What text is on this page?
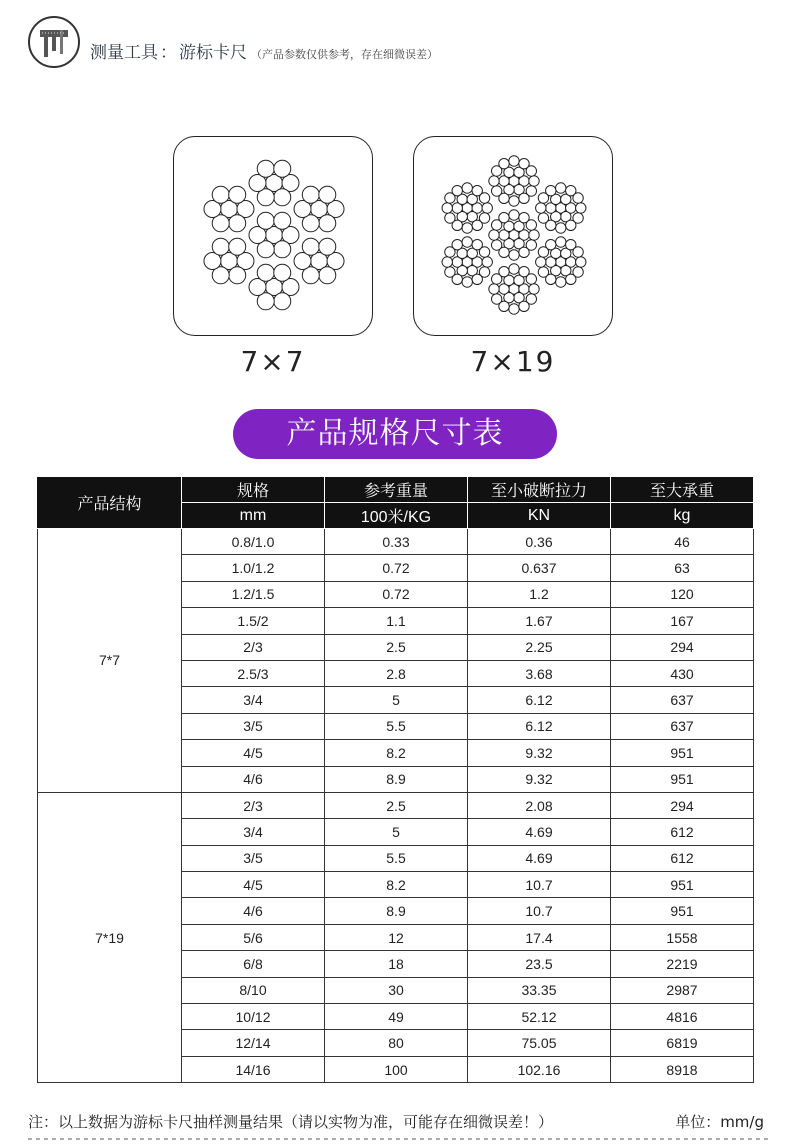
测量工具 ： 游标卡尺 （产品参数仅供参考，存在细微误差）
7×7	7×19
产品规格尺寸表
产品结构	规格	参考重量	至小破断拉力	至大承重
	mm	100米/KG	KN	kg
7*7	0.8/1.0	0.33	0.36	46
	1.0/1.2	0.72	0.637	63
	1.2/1.5	0.72	1.2	120
	1.5/2	1.1	1.67	167
	2/3	2.5	2.25	294
	2.5/3	2.8	3.68	430
	3/4	5	6.12	637
	3/5	5.5	6.12	637
	4/5	8.2	9.32	951
	4/6	8.9	9.32	951
7*19	2/3	2.5	2.08	294
	3/4	5	4.69	612
	3/5	5.5	4.69	612
	4/5	8.2	10.7	951
	4/6	8.9	10.7	951
	5/6	12	17.4	1558
	6/8	18	23.5	2219
	8/10	30	33.35	2987
	10/12	49	52.12	4816
	12/14	80	75.05	6819
	14/16	100	102.16	8918
注：以上数据为游标卡尺抽样测量结果（请以实物为准，可能存在细微误差！）	单位：mm/g
